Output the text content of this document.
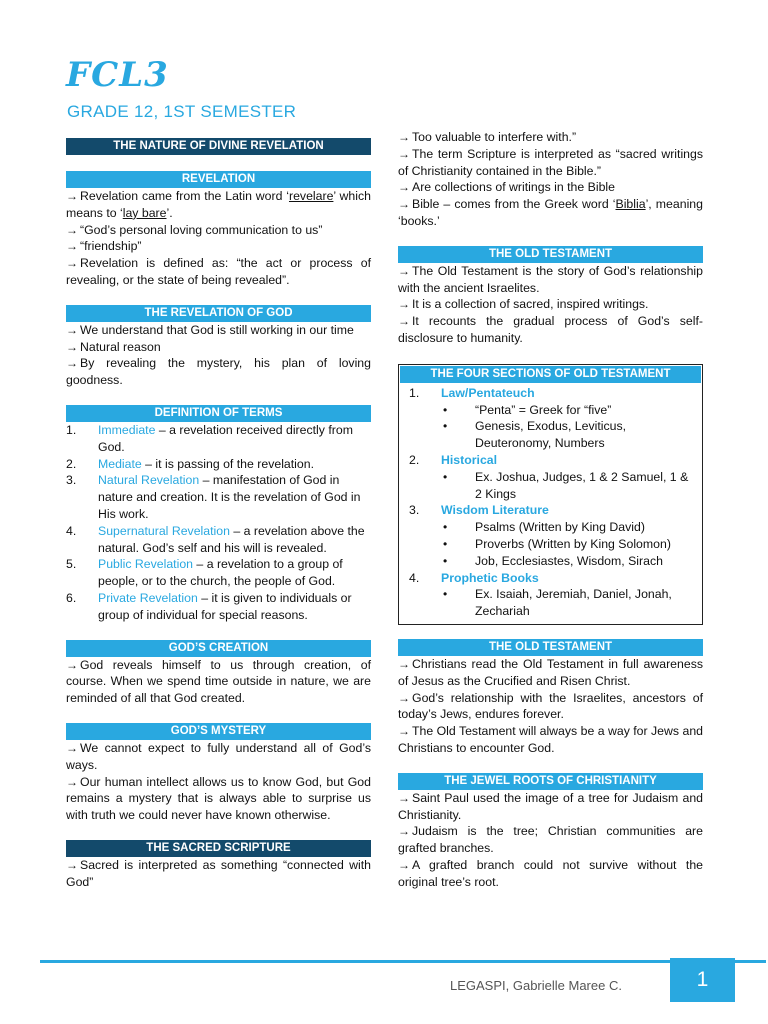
FCL3
GRADE 12, 1ST SEMESTER
THE NATURE OF DIVINE REVELATION
REVELATION
→ Revelation came from the Latin word ‘revelare’ which means to ‘lay bare’.
→ “God’s personal loving communication to us”
→ “friendship”
→ Revelation is defined as: “the act or process of revealing, or the state of being revealed”.
THE REVELATION OF GOD
→ We understand that God is still working in our time
→ Natural reason
→ By revealing the mystery, his plan of loving goodness.
DEFINITION OF TERMS
1.	Immediate – a revelation received directly from God.
2.	Mediate – it is passing of the revelation.
3.	Natural Revelation – manifestation of God in nature and creation. It is the revelation of God in His work.
4.	Supernatural Revelation – a revelation above the natural. God’s self and his will is revealed.
5.	Public Revelation – a revelation to a group of people, or to the church, the people of God.
6.	Private Revelation – it is given to individuals or group of individual for special reasons.
GOD’S CREATION
→ God reveals himself to us through creation, of course. When we spend time outside in nature, we are reminded of all that God created.
GOD’S MYSTERY
→ We cannot expect to fully understand all of God’s ways.
→ Our human intellect allows us to know God, but God remains a mystery that is always able to surprise us with truth we could never have known otherwise.
THE SACRED SCRIPTURE
→ Sacred is interpreted as something “connected with God”
→ Too valuable to interfere with.”
→ The term Scripture is interpreted as “sacred writings of Christianity contained in the Bible.”
→ Are collections of writings in the Bible
→ Bible – comes from the Greek word ‘Biblia’, meaning ‘books.’
THE OLD TESTAMENT
→ The Old Testament is the story of God’s relationship with the ancient Israelites.
→ It is a collection of sacred, inspired writings.
→ It recounts the gradual process of God’s self-disclosure to humanity.
THE FOUR SECTIONS OF OLD TESTAMENT
1.	Law/Pentateuch
•	“Penta” = Greek for “five”
•	Genesis, Exodus, Leviticus, Deuteronomy, Numbers
2.	Historical
•	Ex. Joshua, Judges, 1 & 2 Samuel, 1 & 2 Kings
3.	Wisdom Literature
•	Psalms (Written by King David)
•	Proverbs (Written by King Solomon)
•	Job, Ecclesiastes, Wisdom, Sirach
4.	Prophetic Books
•	Ex. Isaiah, Jeremiah, Daniel, Jonah, Zechariah
THE OLD TESTAMENT
→ Christians read the Old Testament in full awareness of Jesus as the Crucified and Risen Christ.
→ God’s relationship with the Israelites, ancestors of today’s Jews, endures forever.
→ The Old Testament will always be a way for Jews and Christians to encounter God.
THE JEWEL ROOTS OF CHRISTIANITY
→ Saint Paul used the image of a tree for Judaism and Christianity.
→ Judaism is the tree; Christian communities are grafted branches.
→ A grafted branch could not survive without the original tree’s root.
LEGASPI, Gabrielle Maree C.	1
